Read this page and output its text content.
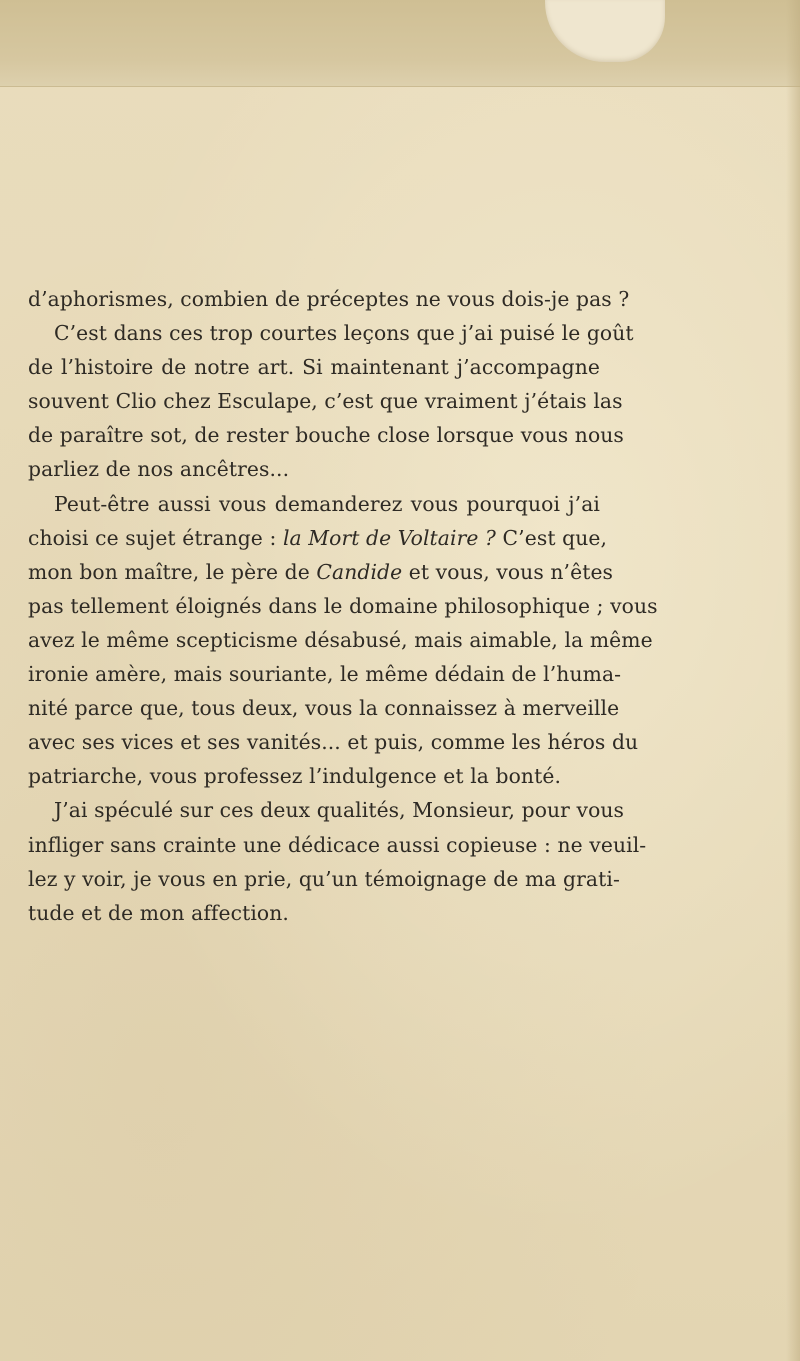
d’aphorismes, combien de préceptes ne vous dois-je pas ?
C’est dans ces trop courtes leçons que j’ai puisé le goût
de l’histoire de notre art. Si maintenant j’accompagne
souvent Clio chez Esculape, c’est que vraiment j’étais las
de paraître sot, de rester bouche close lorsque vous nous
parliez de nos ancêtres...
Peut-être aussi vous demanderez vous pourquoi j’ai
choisi ce sujet étrange : la Mort de Voltaire ? C’est que,
mon bon maître, le père de Candide et vous, vous n’êtes
pas tellement éloignés dans le domaine philosophique ; vous
avez le même scepticisme désabusé, mais aimable, la même
ironie amère, mais souriante, le même dédain de l’huma-
nité parce que, tous deux, vous la connaissez à merveille
avec ses vices et ses vanités... et puis, comme les héros du
patriarche, vous professez l’indulgence et la bonté.
J’ai spéculé sur ces deux qualités, Monsieur, pour vous
infliger sans crainte une dédicace aussi copieuse : ne veuil-
lez y voir, je vous en prie, qu’un témoignage de ma grati-
tude et de mon affection.
